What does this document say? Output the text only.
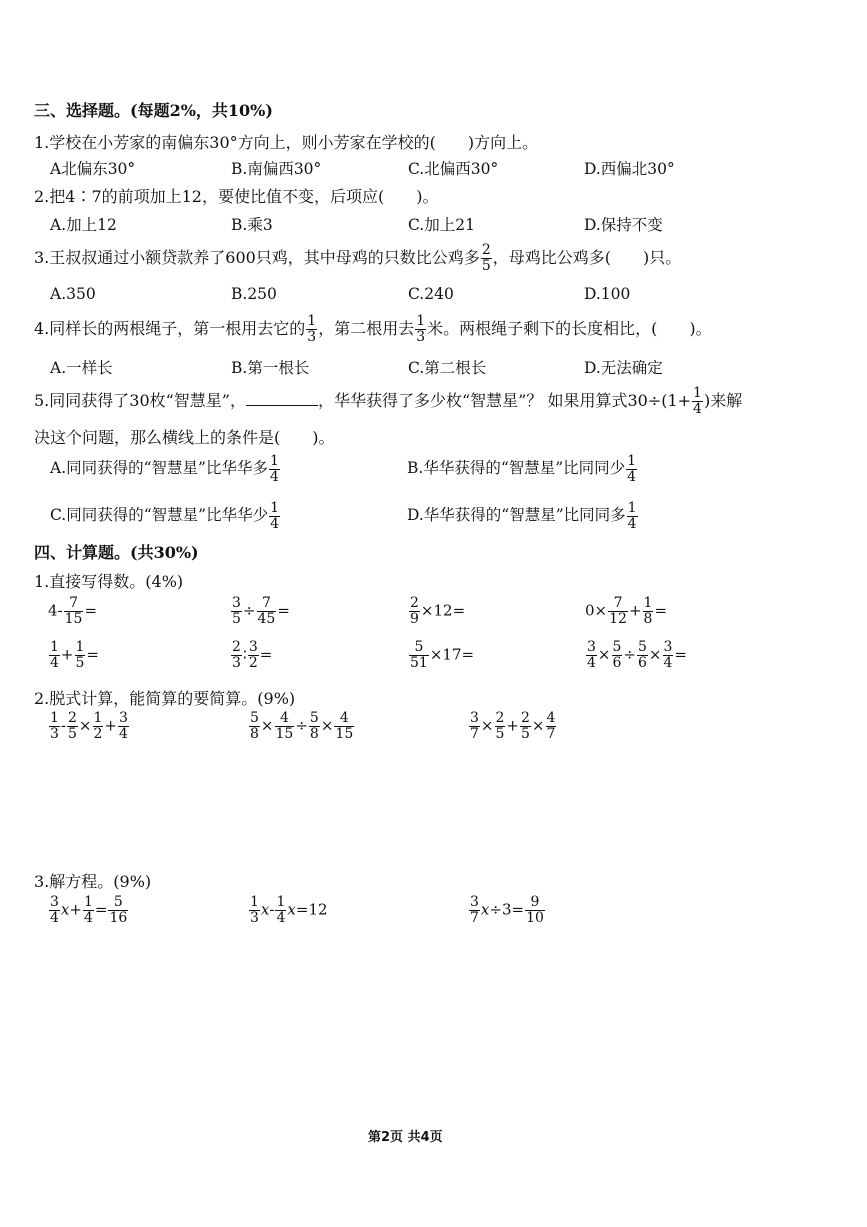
三、选择题。(每题2%，共10%)
1.学校在小芳家的南偏东30°方向上，则小芳家在学校的(　　)方向上。
A北偏东30°	B.南偏西30°	C.北偏西30°	D.西偏北30°
2.把4∶7的前项加上12，要使比值不变，后项应(　　)。
A.加上12	B.乘3	C.加上21	D.保持不变
3.王叔叔通过小额贷款养了600只鸡，其中母鸡的只数比公鸡多 $\frac{2}{5}$ ，母鸡比公鸡多(　　)只。
A.350	B.250	C.240	D.100
4.同样长的两根绳子，第一根用去它的 $\frac{1}{3}$ ，第二根用去 $\frac{1}{3}$ 米。两根绳子剩下的长度相比，(　　)。
A.一样长	B.第一根长	C.第二根长	D.无法确定
5.同同获得了30枚“智慧星”，	，华华获得了多少枚“智慧星”？ 如果用算式$30\div(1+ \frac{1}{4}$ )来解
决这个问题，那么横线上的条件是(　　)。
A.同同获得的“智慧星”比华华多 $\frac{1}{4}$	B.华华获得的“智慧星”比同同少 $\frac{1}{4}$
C.同同获得的“智慧星”比华华少 $\frac{1}{4}$	D.华华获得的“智慧星”比同同多 $\frac{1}{4}$
四、计算题。(共30%)
1.直接写得数。(4%)
$4- \frac{7}{15}$ =	$\frac{3}{5} \div \frac{7}{45}$ =	$\frac{2}{9} \times 12=$	$0\times \frac{7}{12} + \frac{1}{8}$ =
$\frac{1}{4} + \frac{1}{5}$ =	$\frac{2}{3}$ ∶ $\frac{3}{2}$ =	$\frac{5}{51} \times 17=$	$\frac{3}{4} \times \frac{5}{6} \div \frac{5}{6} \times \frac{3}{4}$ =
2.脱式计算，能简算的要简算。(9%)
$\frac{1}{3} - \frac{2}{5} \times \frac{1}{2} + \frac{3}{4}$	$\frac{5}{8} \times \frac{4}{15} \div \frac{5}{8} \times \frac{4}{15}$	$\frac{3}{7} \times \frac{2}{5} + \frac{2}{5} \times \frac{4}{7}$
3.解方程。(9%)
$\frac{3}{4} x+ \frac{1}{4} = \frac{5}{16}$	$\frac{1}{3} x- \frac{1}{4} x=12$	$\frac{3}{7} x\div 3= \frac{9}{10}$
第2页 共4页
